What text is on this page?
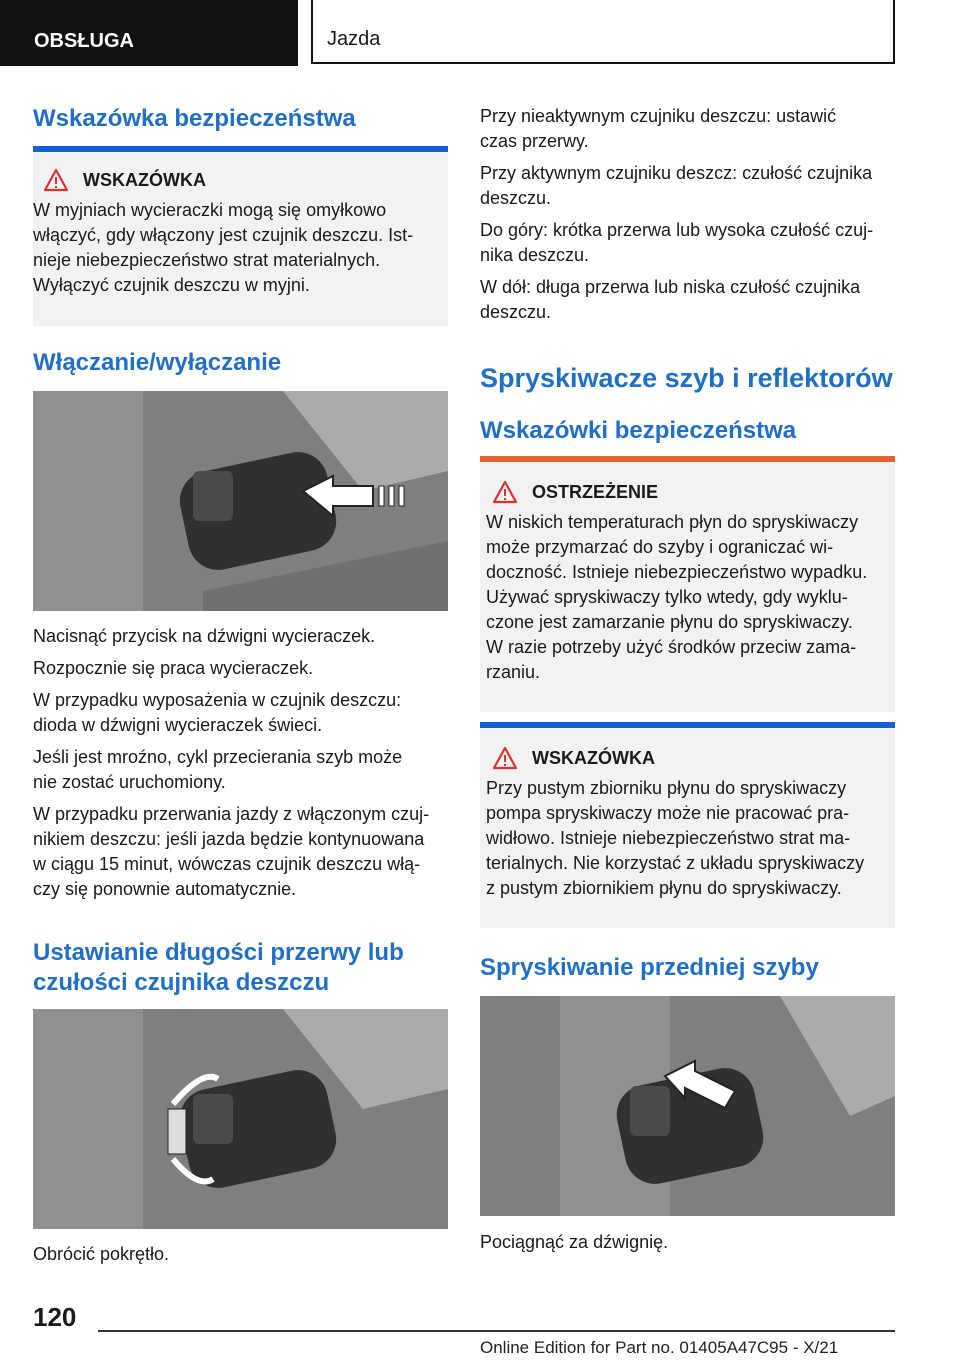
OBSŁUGA	Jazda
Wskazówka bezpieczeństwa
WSKAZÓWKA

W myjniach wycieraczki mogą się omyłkowo

włączyć, gdy włączony jest czujnik deszczu. Ist-

nieje niebezpieczeństwo strat materialnych.

Wyłączyć czujnik deszczu w myjni.

Włączanie/wyłączanie

Nacisnąć przycisk na dźwigni wycieraczek.

Rozpocznie się praca wycieraczek.

W przypadku wyposażenia w czujnik deszczu:

dioda w dźwigni wycieraczek świeci.

Jeśli jest mroźno, cykl przecierania szyb może

nie zostać uruchomiony.

W przypadku przerwania jazdy z włączonym czuj-

nikiem deszczu: jeśli jazda będzie kontynuowana

w ciągu 15 minut, wówczas czujnik deszczu włą-

czy się ponownie automatycznie.

Ustawianie długości przerwy lub
czułości czujnika deszczu

Obrócić pokrętło.

Przy nieaktywnym czujniku deszczu: ustawić

czas przerwy.

Przy aktywnym czujniku deszcz: czułość czujnika

deszczu.

Do góry: krótka przerwa lub wysoka czułość czuj-

nika deszczu.

W dół: długa przerwa lub niska czułość czujnika

deszczu.

Spryskiwacze szyb i reflektorów
Wskazówki bezpieczeństwa
OSTRZEŻENIE

W niskich temperaturach płyn do spryskiwaczy

może przymarzać do szyby i ograniczać wi-

doczność. Istnieje niebezpieczeństwo wypadku.

Używać spryskiwaczy tylko wtedy, gdy wyklu-

czone jest zamarzanie płynu do spryskiwaczy.

W razie potrzeby użyć środków przeciw zama-

rzaniu.

WSKAZÓWKA

Przy pustym zbiorniku płynu do spryskiwaczy

pompa spryskiwaczy może nie pracować pra-

widłowo. Istnieje niebezpieczeństwo strat ma-

terialnych. Nie korzystać z układu spryskiwaczy

z pustym zbiornikiem płynu do spryskiwaczy.

Spryskiwanie przedniej szyby

Pociągnąć za dźwignię.

120
Online Edition for Part no. 01405A47C95 - X/21
